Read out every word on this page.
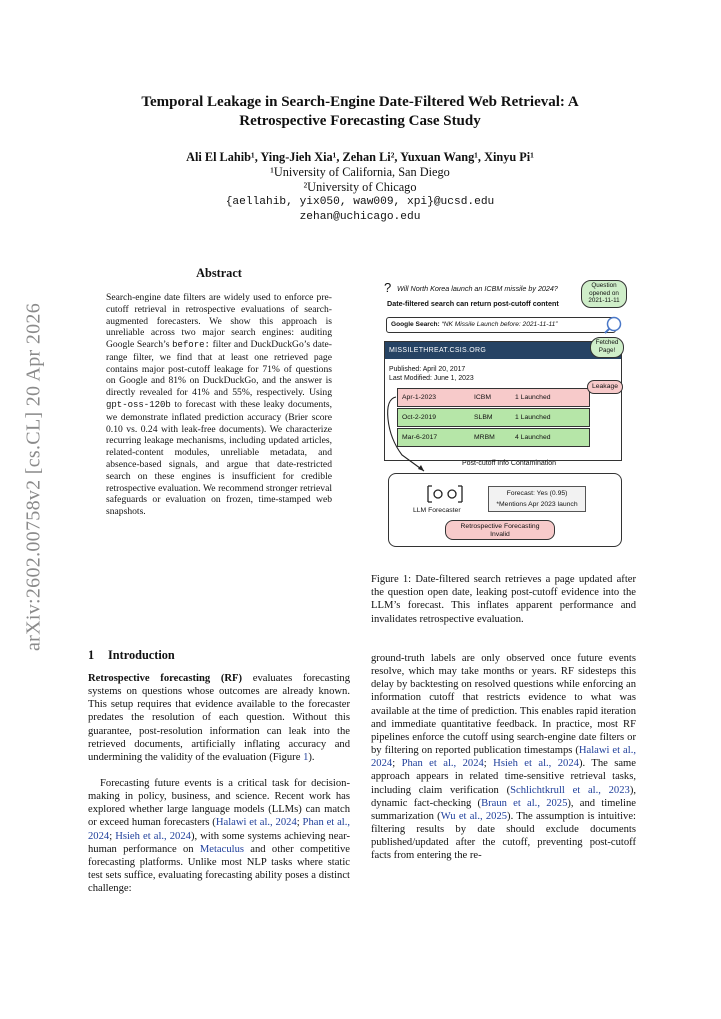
arXiv:2602.00758v2 [cs.CL] 20 Apr 2026
Temporal Leakage in Search-Engine Date-Filtered Web Retrieval: A
Retrospective Forecasting Case Study
Ali El Lahib¹, Ying-Jieh Xia¹, Zehan Li², Yuxuan Wang¹, Xinyu Pi¹
¹University of California, San Diego
²University of Chicago
{aellahib, yix050, waw009, xpi}@ucsd.edu
zehan@uchicago.edu
Abstract
Search-engine date filters are widely used to enforce pre-cutoff retrieval in retrospective evaluations of search-augmented forecasters. We show this approach is unreliable across two major search engines: auditing Google Search’s before: filter and DuckDuckGo’s date-range filter, we find that at least one retrieved page contains major post-cutoff leakage for 71% of questions on Google and 81% on DuckDuckGo, and the answer is directly revealed for 41% and 55%, respectively. Using gpt-oss-120b to forecast with these leaky documents, we demonstrate inflated prediction accuracy (Brier score 0.10 vs. 0.24 with leak-free documents). We characterize recurring leakage mechanisms, including updated articles, related-content modules, unreliable metadata, and absence-based signals, and argue that date-restricted search on these engines is insufficient for credible retrospective evaluation. We recommend stronger retrieval safeguards or evaluation on frozen, time-stamped web snapshots.
1 Introduction
Retrospective forecasting (RF) evaluates forecasting systems on questions whose outcomes are already known. This setup requires that evidence available to the forecaster predates the resolution of each question. Without this guarantee, post-resolution information can leak into the retrieved documents, artificially inflating accuracy and undermining the validity of the evaluation (Figure 1).
Forecasting future events is a critical task for decision-making in policy, business, and science. Recent work has explored whether large language models (LLMs) can match or exceed human forecasters (Halawi et al., 2024; Phan et al., 2024; Hsieh et al., 2024), with some systems achieving near-human performance on Metaculus and other competitive forecasting platforms. Unlike most NLP tasks where static test sets suffice, evaluating forecasting ability poses a distinct challenge:
? Will North Korea launch an ICBM missile by 2024?	Question
opened on
2021-11-11
Date-filtered search can return post-cutoff content
Google Search: “NK Missile Launch before: 2021-11-11”
MISSILETHREAT.CSIS.ORG
Published: April 20, 2017
Last Modified: June 1, 2023
Apr-1-2023	ICBM	1 Launched
Oct-2-2019	SLBM	1 Launched
Mar-6-2017	MRBM	4 Launched
Fetched
Page!
Leakage
Post-cutoff Info Contamination
LLM Forecaster
Forecast: Yes (0.95)
*Mentions Apr 2023 launch
Retrospective Forecasting
Invalid
Figure 1: Date-filtered search retrieves a page updated after the question open date, leaking post-cutoff evidence into the LLM’s forecast. This inflates apparent performance and invalidates retrospective evaluation.
ground-truth labels are only observed once future events resolve, which may take months or years. RF sidesteps this delay by backtesting on resolved questions while enforcing an information cutoff that restricts evidence to what was available at the time of prediction. This enables rapid iteration and immediate quantitative feedback. In practice, most RF pipelines enforce the cutoff using search-engine date filters or by filtering on reported publication timestamps (Halawi et al., 2024; Phan et al., 2024; Hsieh et al., 2024). The same approach appears in related time-sensitive retrieval tasks, including claim verification (Schlichtkrull et al., 2023), dynamic fact-checking (Braun et al., 2025), and timeline summarization (Wu et al., 2025). The assumption is intuitive: filtering results by date should exclude documents published/updated after the cutoff, preventing post-cutoff facts from entering the re-
